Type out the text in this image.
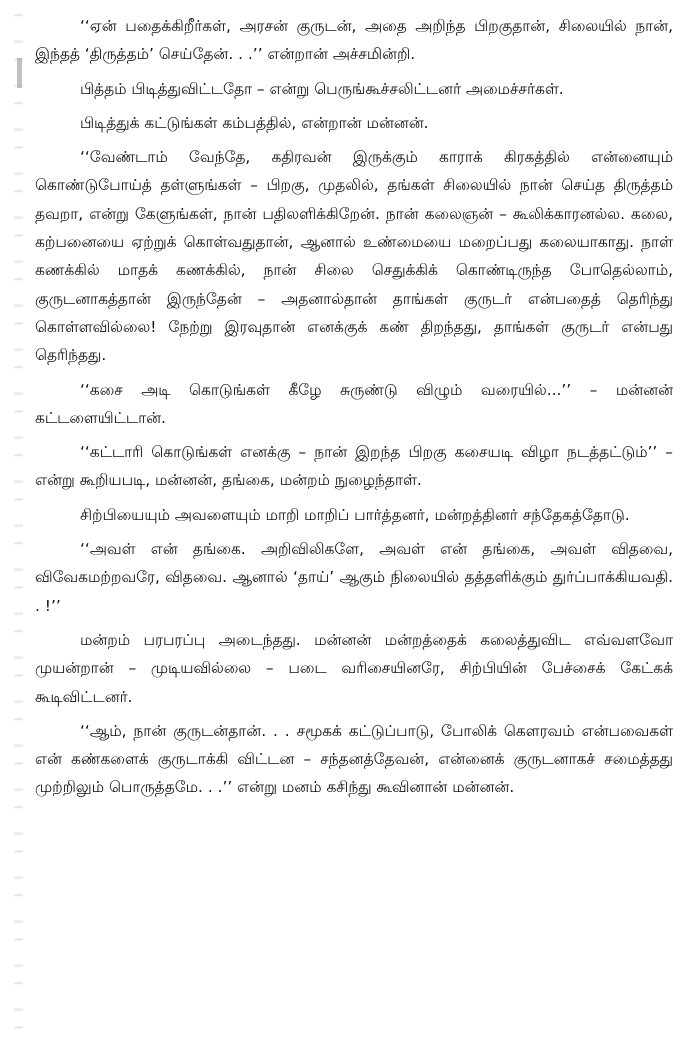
‘‘ஏன் பதைக்கிறீர்கள், அரசன் குருடன், அதை அறிந்த பிறகுதான், சிலையில் நான், இந்தத் ‘திருத்தம்’ செய்தேன். . .’’ என்றான் அச்சமின்றி.

பித்தம் பிடித்துவிட்டதோ – என்று பெருங்கூச்சலிட்டனர் அமைச்சர்கள்.

பிடித்துக் கட்டுங்கள் கம்பத்தில், என்றான் மன்னன்.

‘‘வேண்டாம் வேந்தே, கதிரவன் இருக்கும் காராக் கிரகத்தில் என்னையும் கொண்டுபோய்த் தள்ளுங்கள் – பிறகு, முதலில், தங்கள் சிலையில் நான் செய்த திருத்தம் தவறா, என்று கேளுங்கள், நான் பதிலளிக்கிறேன். நான் கலைஞன் – கூலிக்காரனல்ல. கலை, கற்பனையை ஏற்றுக் கொள்வதுதான், ஆனால் உண்மையை மறைப்பது கலையாகாது. நாள் கணக்கில் மாதக் கணக்கில், நான் சிலை செதுக்கிக் கொண்டிருந்த போதெல்லாம், குருடனாகத்தான் இருந்தேன் – அதனால்தான் தாங்கள் குருடர் என்பதைத் தெரிந்து கொள்ளவில்லை! நேற்று இரவுதான் எனக்குக் கண் திறந்தது, தாங்கள் குருடர் என்பது தெரிந்தது.

‘‘கசை அடி கொடுங்கள் கீழே சுருண்டு விழும் வரையில்...’’ – மன்னன் கட்டளையிட்டான்.

‘‘கட்டாரி கொடுங்கள் எனக்கு – நான் இறந்த பிறகு கசையடி விழா நடத்தட்டும்’’ – என்று கூறியபடி, மன்னன், தங்கை, மன்றம் நுழைந்தாள்.

சிற்பியையும் அவளையும் மாறி மாறிப் பார்த்தனர், மன்றத்தினர் சந்தேகத்தோடு.

‘‘அவள் என் தங்கை. அறிவிலிகளே, அவள் என் தங்கை, அவள் விதவை, விவேகமற்றவரே, விதவை. ஆனால் ‘தாய்’ ஆகும் நிலையில் தத்தளிக்கும் துர்ப்பாக்கியவதி. . !’’

மன்றம் பரபரப்பு அடைந்தது. மன்னன் மன்றத்தைக் கலைத்துவிட எவ்வளவோ முயன்றான் – முடியவில்லை – படை வரிசையினரே, சிற்பியின் பேச்சைக் கேட்கக் கூடிவிட்டனர்.

‘‘ஆம், நான் குருடன்தான். . . சமூகக் கட்டுப்பாடு, போலிக் கௌரவம் என்பவைகள் என் கண்களைக் குருடாக்கி விட்டன – சந்தனத்தேவன், என்னைக் குருடனாகச் சமைத்தது முற்றிலும் பொருத்தமே. . .’’ என்று மனம் கசிந்து கூவினான் மன்னன்.
